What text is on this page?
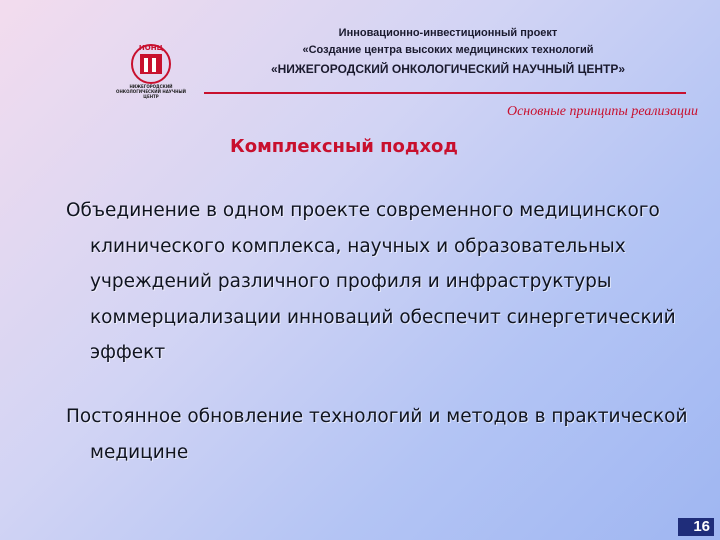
НОНЦ
НИЖЕГОРОДСКИЙ ОНКОЛОГИЧЕСКИЙ НАУЧНЫЙ ЦЕНТР
Инновационно-инвестиционный проект
«Создание центра высоких медицинских технологий
«НИЖЕГОРОДСКИЙ ОНКОЛОГИЧЕСКИЙ НАУЧНЫЙ ЦЕНТР»
Основные принципы реализации
Комплексный подход

Объединение в одном проекте современного медицинского клинического комплекса, научных и образовательных учреждений различного профиля и инфраструктуры коммерциализации инноваций обеспечит синергетический эффект

Постоянное обновление технологий и методов в практической медицине

16
